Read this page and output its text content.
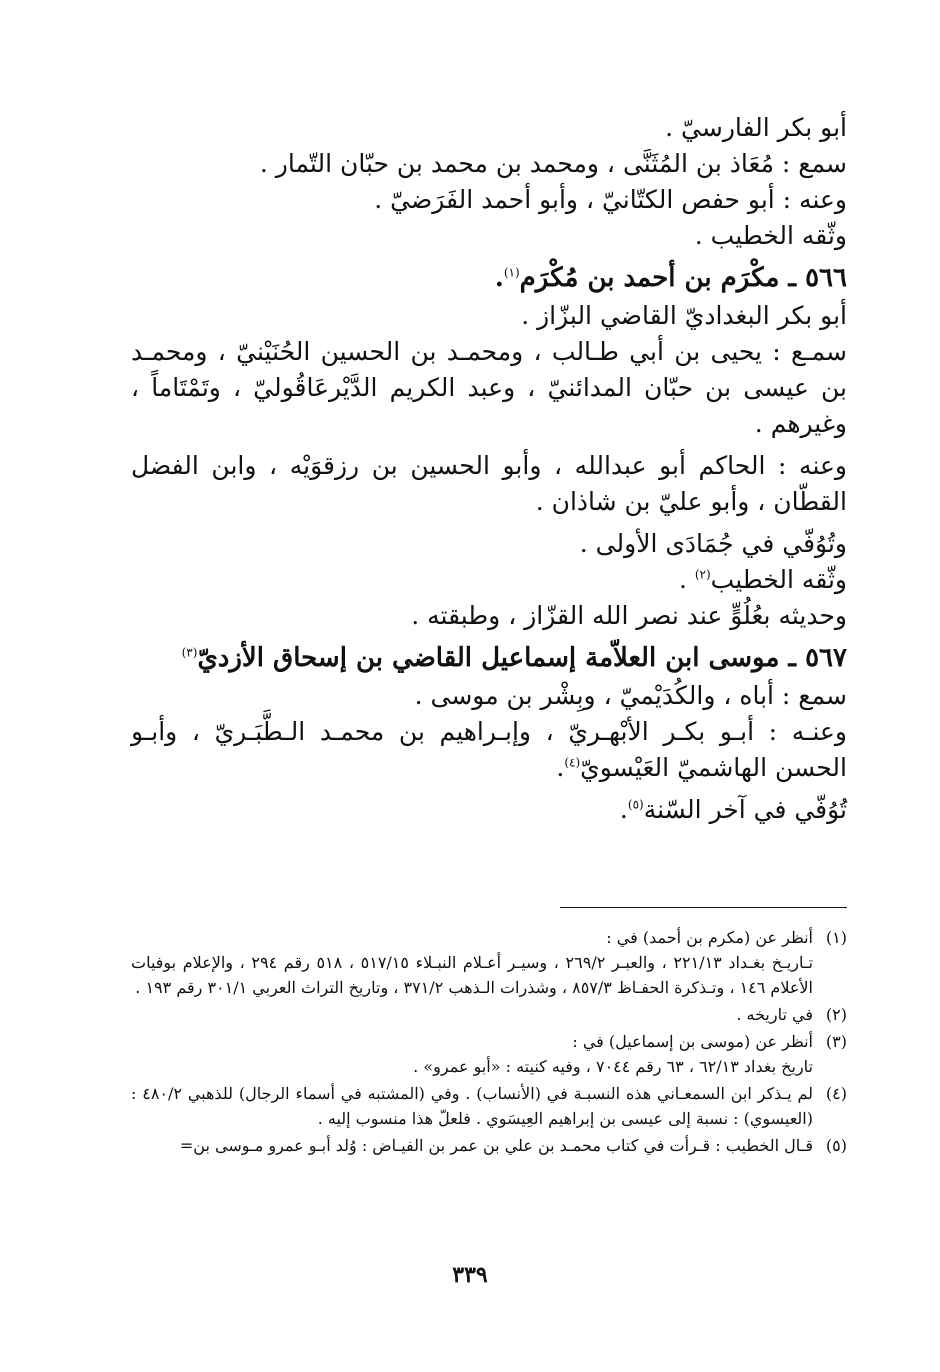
أبو بكر الفارسيّ .

سمع : مُعَاذ بن المُثَنَّى ، ومحمد بن محمد بن حبّان التّمار .

وعنه : أبو حفص الكتّانيّ ، وأبو أحمد الفَرَضيّ .

وثّقه الخطيب .

٥٦٦ ـ مكْرَم بن أحمد بن مُكْرَم$^{(١)}$.

أبو بكر البغداديّ القاضي البزّاز .

سمـع : يحيى بن أبي طـالب ، ومحمـد بن الحسين الحُنَيْنيّ ، ومحمـد بن عيسى بن حبّان المدائنيّ ، وعبد الكريم الدَّيْرعَاقُوليّ ، وتَمْتَاماً ، وغيرهم .

وعنه : الحاكم أبو عبدالله ، وأبو الحسين بن رزقوَيْه ، وابن الفضل القطّان ، وأبو عليّ بن شاذان .

وتُوُفّي في جُمَادَى الأولى .

وثّقه الخطيب$^{(٢)}$ .

وحديثه بعُلُوٍّ عند نصر الله القزّاز ، وطبقته .

٥٦٧ ـ موسى ابن العلاّمة إسماعيل القاضي بن إسحاق الأزديّ$^{(٣)}$

سمع : أباه ، والكُدَيْميّ ، وبِشْر بن موسى .

وعنـه : أبـو بكـر الأبْهـريّ ، وإبـراهيم بن محمـد الـطَّبَـريّ ، وأبـو الحسن الهاشميّ العَيْسويّ$^{(٤)}$.

تُوُفّي في آخر السّنة$^{(٥)}$.

(١)

أنظر عن (مكرم بن أحمد) في :

تـاريـخ بغـداد ٢٢١/١٣ ، والعبـر ٢٦٩/٢ ، وسيـر أعـلام النبـلاء ٥١٧/١٥ ، ٥١٨ رقم ٢٩٤ ، والإعلام بوفيات الأعلام ١٤٦ ، وتـذكرة الحفـاظ ٨٥٧/٣ ، وشذرات الـذهب ٣٧١/٢ ، وتاريخ التراث العربي ٣٠١/١ رقم ١٩٣ .

(٢)

في تاريخه .

(٣)

أنظر عن (موسى بن إسماعيل) في :

تاريخ بغداد ٦٢/١٣ ، ٦٣ رقم ٧٠٤٤ ، وفيه كنيته : «أبو عمرو» .

(٤)

لم يـذكر ابن السمعـاني هذه النسبـة في (الأنساب) . وفي (المشتبه في أسماء الرجال) للذهبي ٤٨٠/٢ : (العيسوي) : نسبة إلى عيسى بن إبراهيم العِيسَوي . فلعلّ هذا منسوب إليه .

(٥)

قـال الخطيب : قـرأت في كتاب محمـد بن علي بن عمر بن الفيـاض : وُلد أبـو عمرو مـوسى بن=

٣٣٩
